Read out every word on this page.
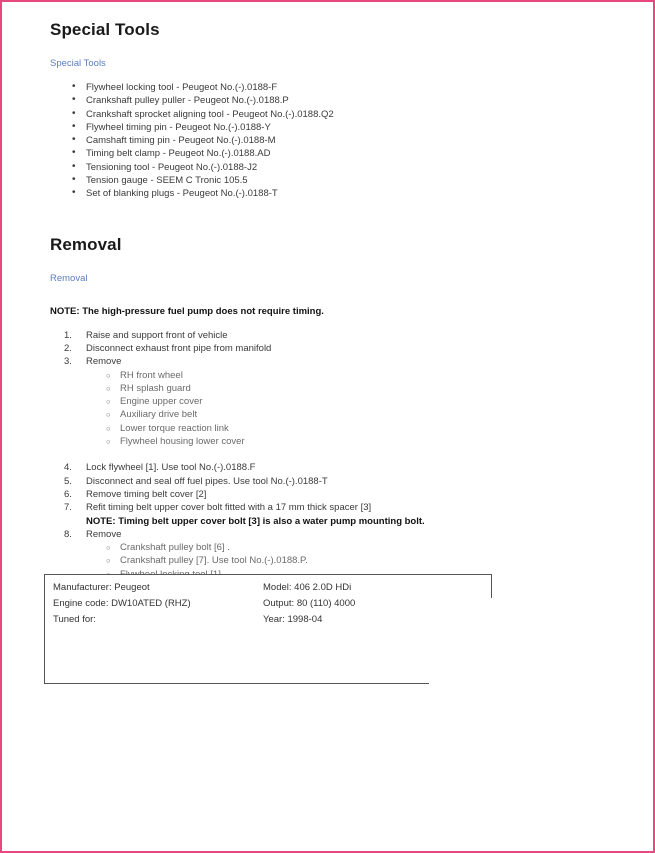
Special Tools
Special Tools
• Flywheel locking tool - Peugeot No.(-).0188-F
• Crankshaft pulley puller - Peugeot No.(-).0188.P
• Crankshaft sprocket aligning tool - Peugeot No.(-).0188.Q2
• Flywheel timing pin - Peugeot No.(-).0188-Y
• Camshaft timing pin - Peugeot No.(-).0188-M
• Timing belt clamp - Peugeot No.(-).0188.AD
• Tensioning tool - Peugeot No.(-).0188-J2
• Tension gauge - SEEM C Tronic 105.5
• Set of blanking plugs - Peugeot No.(-).0188-T
Removal
Removal
NOTE: The high-pressure fuel pump does not require timing.
Raise and support front of vehicle
Disconnect exhaust front pipe from manifold
Remove
○ RH front wheel
○ RH splash guard
○ Engine upper cover
○ Auxiliary drive belt
○ Lower torque reaction link
○ Flywheel housing lower cover
Lock flywheel [1]. Use tool No.(-).0188.F
Disconnect and seal off fuel pipes. Use tool No.(-).0188-T
Remove timing belt cover [2]
Refit timing belt upper cover bolt fitted with a 17 mm thick spacer [3]
NOTE: Timing belt upper cover bolt [3] is also a water pump mounting bolt.
Remove
○ Crankshaft pulley bolt [6] .
○ Crankshaft pulley [7]. Use tool No.(-).0188.P.
○
Manufacturer: Peugeot	Model: 406 2.0D HDi
Engine code: DW10ATED (RHZ)	Output: 80 (110) 4000
Tuned for:	Year: 1998-04
